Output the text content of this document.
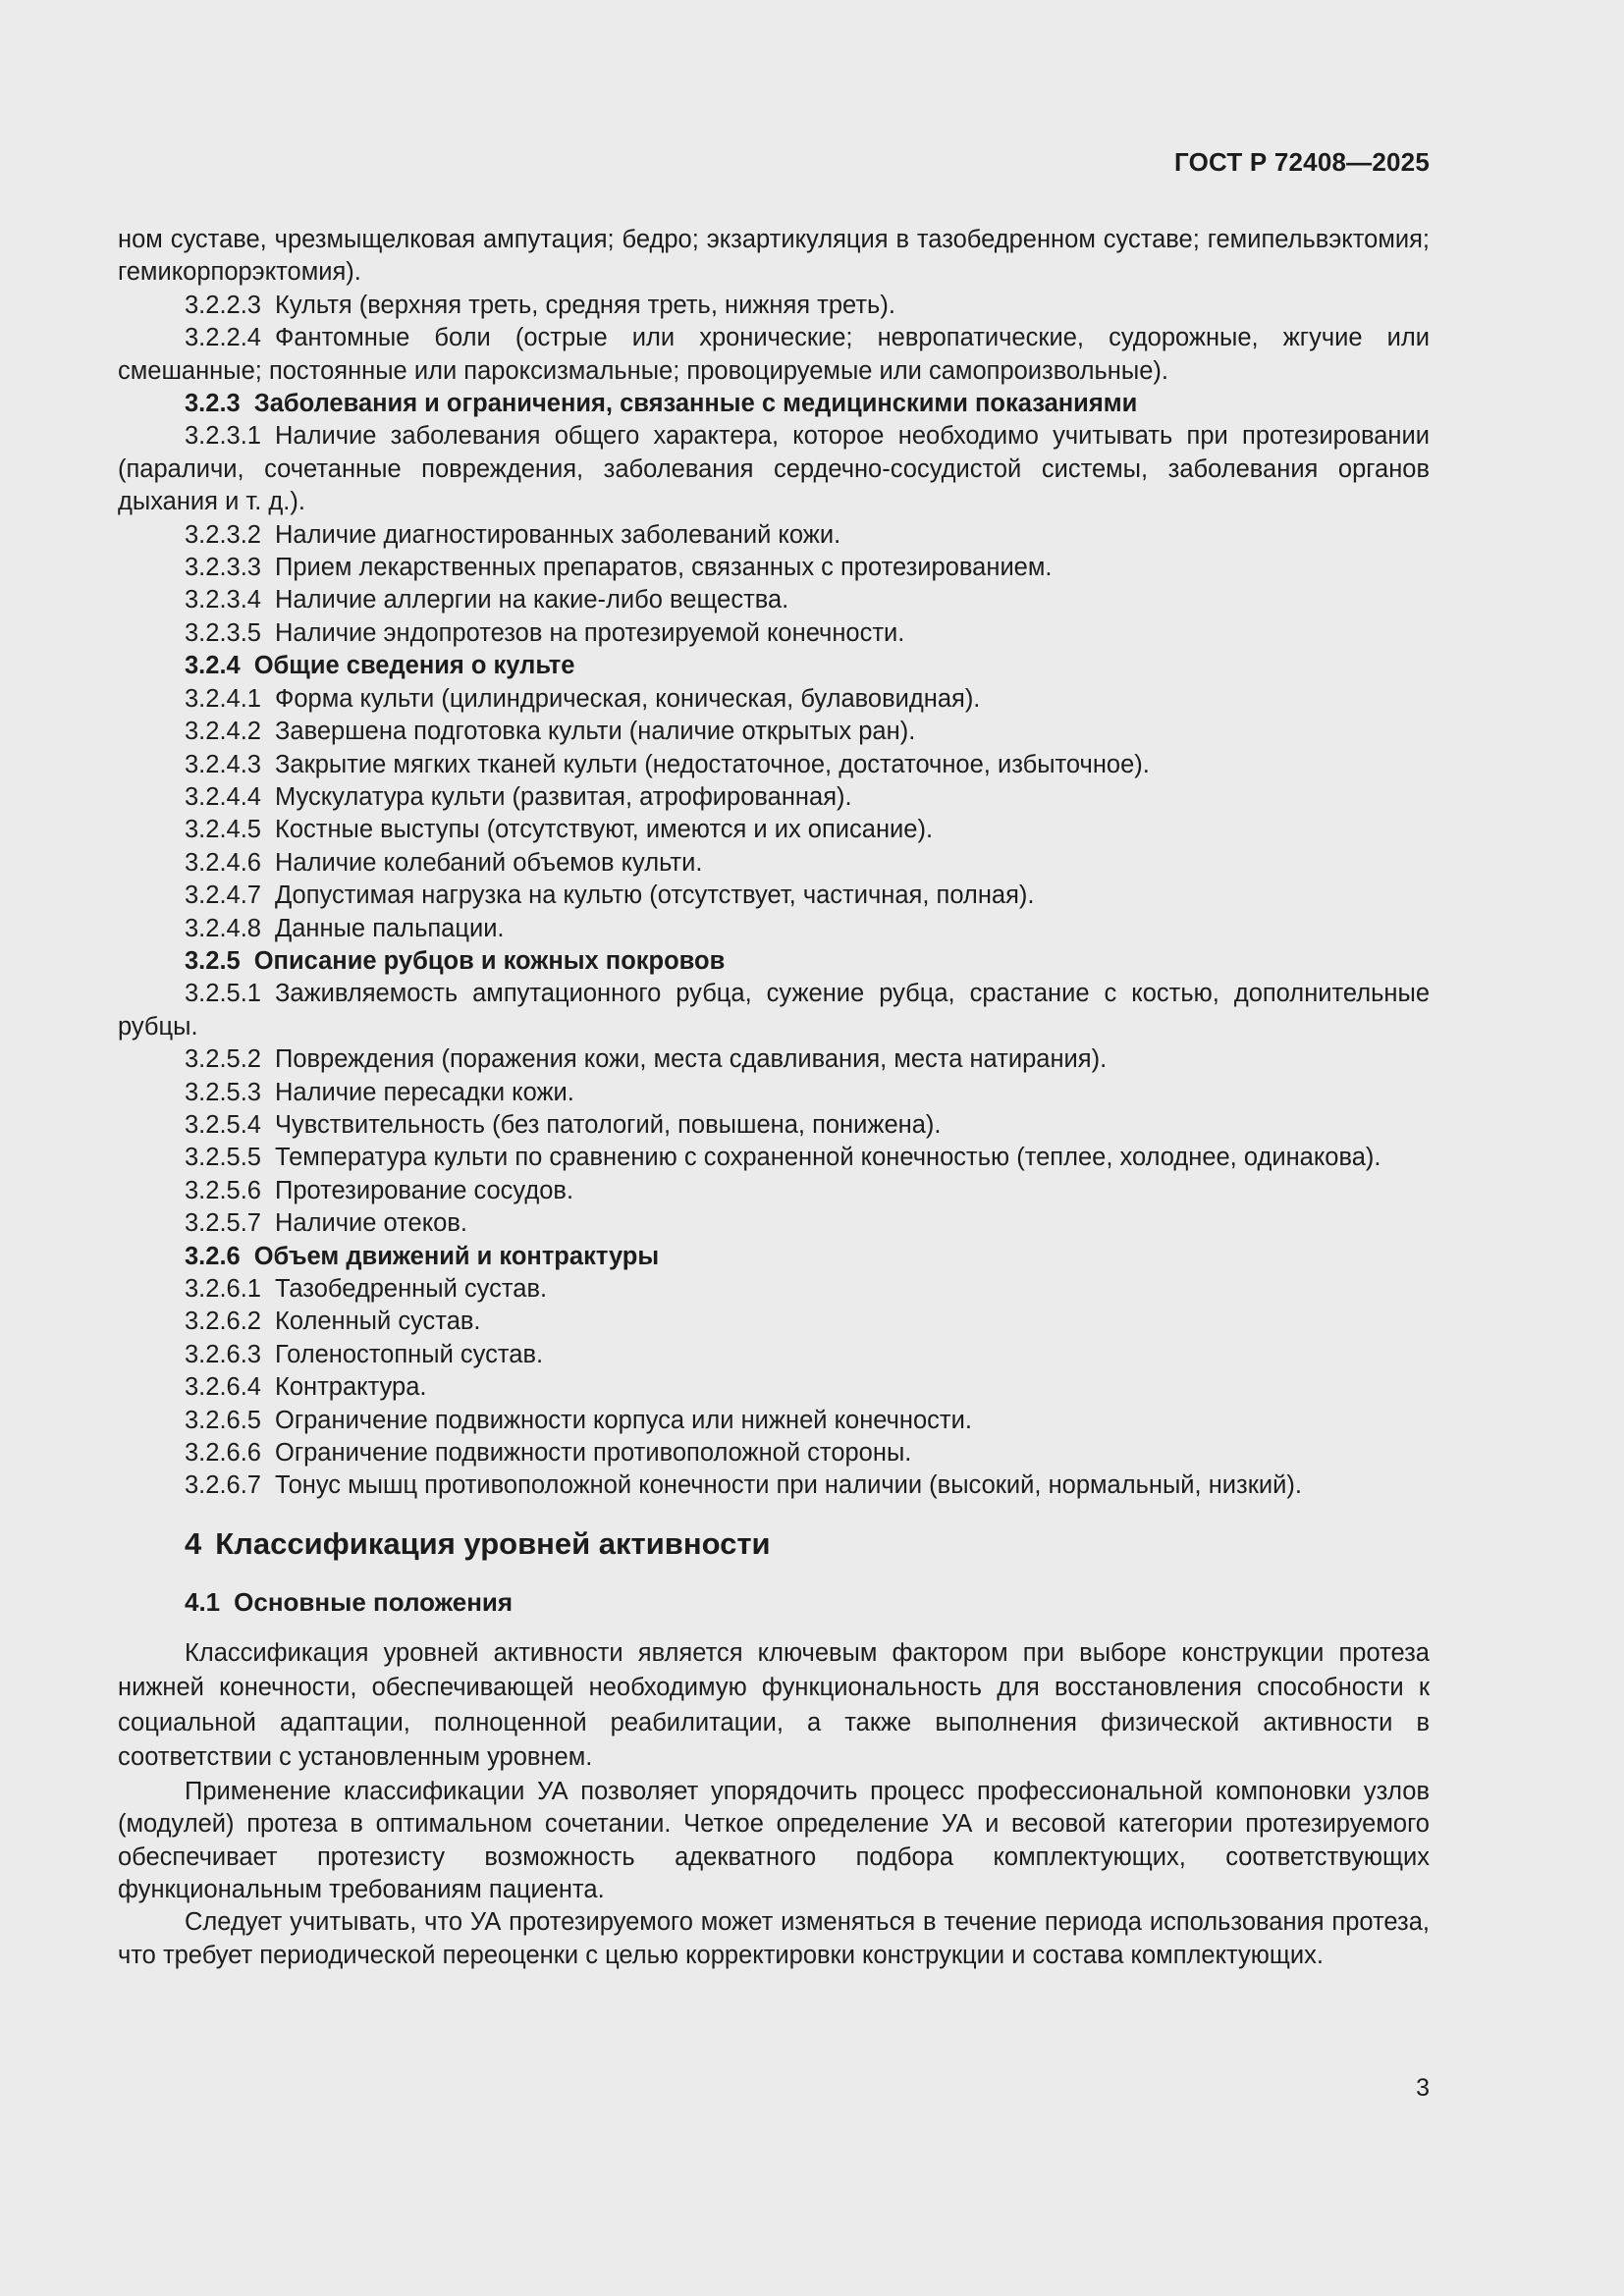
ГОСТ Р 72408—2025

ном суставе, чрезмыщелковая ампутация; бедро; экзартикуляция в тазобедренном суставе; гемипельвэктомия; гемикорпорэктомия).

3.2.2.3 Культя (верхняя треть, средняя треть, нижняя треть).

3.2.2.4 Фантомные боли (острые или хронические; невропатические, судорожные, жгучие или смешанные; постоянные или пароксизмальные; провоцируемые или самопроизвольные).

3.2.3 Заболевания и ограничения, связанные с медицинскими показаниями

3.2.3.1 Наличие заболевания общего характера, которое необходимо учитывать при протезировании (параличи, сочетанные повреждения, заболевания сердечно-сосудистой системы, заболевания органов дыхания и т. д.).

3.2.3.2 Наличие диагностированных заболеваний кожи.

3.2.3.3 Прием лекарственных препаратов, связанных с протезированием.

3.2.3.4 Наличие аллергии на какие-либо вещества.

3.2.3.5 Наличие эндопротезов на протезируемой конечности.

3.2.4 Общие сведения о культе

3.2.4.1 Форма культи (цилиндрическая, коническая, булавовидная).

3.2.4.2 Завершена подготовка культи (наличие открытых ран).

3.2.4.3 Закрытие мягких тканей культи (недостаточное, достаточное, избыточное).

3.2.4.4 Мускулатура культи (развитая, атрофированная).

3.2.4.5 Костные выступы (отсутствуют, имеются и их описание).

3.2.4.6 Наличие колебаний объемов культи.

3.2.4.7 Допустимая нагрузка на культю (отсутствует, частичная, полная).

3.2.4.8 Данные пальпации.

3.2.5 Описание рубцов и кожных покровов

3.2.5.1 Заживляемость ампутационного рубца, сужение рубца, срастание с костью, дополнительные рубцы.

3.2.5.2 Повреждения (поражения кожи, места сдавливания, места натирания).

3.2.5.3 Наличие пересадки кожи.

3.2.5.4 Чувствительность (без патологий, повышена, понижена).

3.2.5.5 Температура культи по сравнению с сохраненной конечностью (теплее, холоднее, одинакова).

3.2.5.6 Протезирование сосудов.

3.2.5.7 Наличие отеков.

3.2.6 Объем движений и контрактуры

3.2.6.1 Тазобедренный сустав.

3.2.6.2 Коленный сустав.

3.2.6.3 Голеностопный сустав.

3.2.6.4 Контрактура.

3.2.6.5 Ограничение подвижности корпуса или нижней конечности.

3.2.6.6 Ограничение подвижности противоположной стороны.

3.2.6.7 Тонус мышц противоположной конечности при наличии (высокий, нормальный, низкий).

4 Классификация уровней активности

4.1 Основные положения

Классификация уровней активности является ключевым фактором при выборе конструкции протеза нижней конечности, обеспечивающей необходимую функциональность для восстановления способности к социальной адаптации, полноценной реабилитации, а также выполнения физической активности в соответствии с установленным уровнем.

Применение классификации УА позволяет упорядочить процесс профессиональной компоновки узлов (модулей) протеза в оптимальном сочетании. Четкое определение УА и весовой категории протезируемого обеспечивает протезисту возможность адекватного подбора комплектующих, соответствующих функциональным требованиям пациента.

Следует учитывать, что УА протезируемого может изменяться в течение периода использования протеза, что требует периодической переоценки с целью корректировки конструкции и состава комплектующих.

3
